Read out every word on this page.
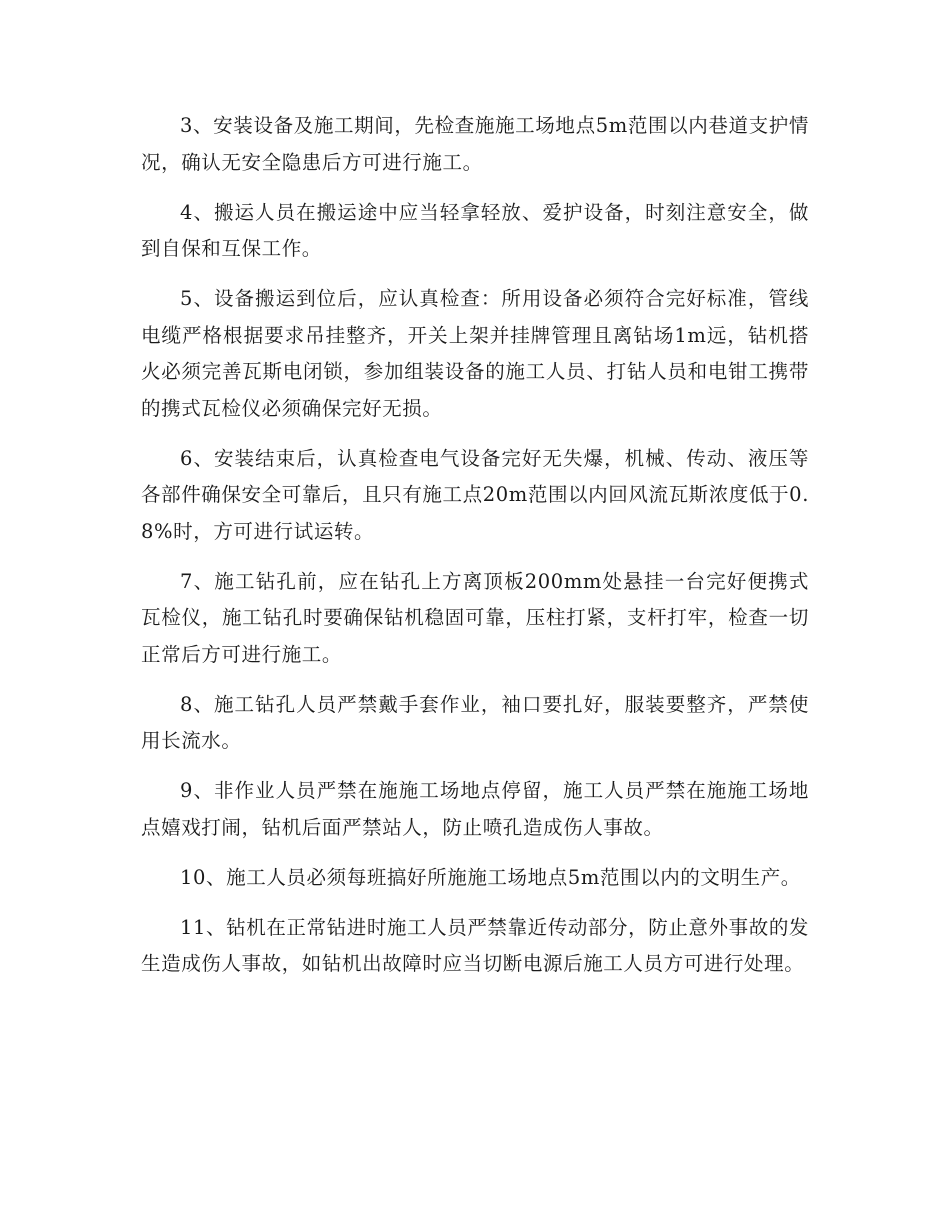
3、安装设备及施工期间，先检查施施工场地点5m范围以内巷道支护情况，确认无安全隐患后方可进行施工。

4、搬运人员在搬运途中应当轻拿轻放、爱护设备，时刻注意安全，做到自保和互保工作。

5、设备搬运到位后，应认真检查：所用设备必须符合完好标准，管线电缆严格根据要求吊挂整齐，开关上架并挂牌管理且离钻场1m远，钻机搭火必须完善瓦斯电闭锁，参加组装设备的施工人员、打钻人员和电钳工携带的携式瓦检仪必须确保完好无损。

6、安装结束后，认真检查电气设备完好无失爆，机械、传动、液压等各部件确保安全可靠后，且只有施工点20m范围以内回风流瓦斯浓度低于0.8%时，方可进行试运转。

7、施工钻孔前，应在钻孔上方离顶板200mm处悬挂一台完好便携式瓦检仪，施工钻孔时要确保钻机稳固可靠，压柱打紧，支杆打牢，检查一切正常后方可进行施工。

8、施工钻孔人员严禁戴手套作业，袖口要扎好，服装要整齐，严禁使用长流水。

9、非作业人员严禁在施施工场地点停留，施工人员严禁在施施工场地点嬉戏打闹，钻机后面严禁站人，防止喷孔造成伤人事故。

10、施工人员必须每班搞好所施施工场地点5m范围以内的文明生产。

11、钻机在正常钻进时施工人员严禁靠近传动部分，防止意外事故的发生造成伤人事故，如钻机出故障时应当切断电源后施工人员方可进行处理。
